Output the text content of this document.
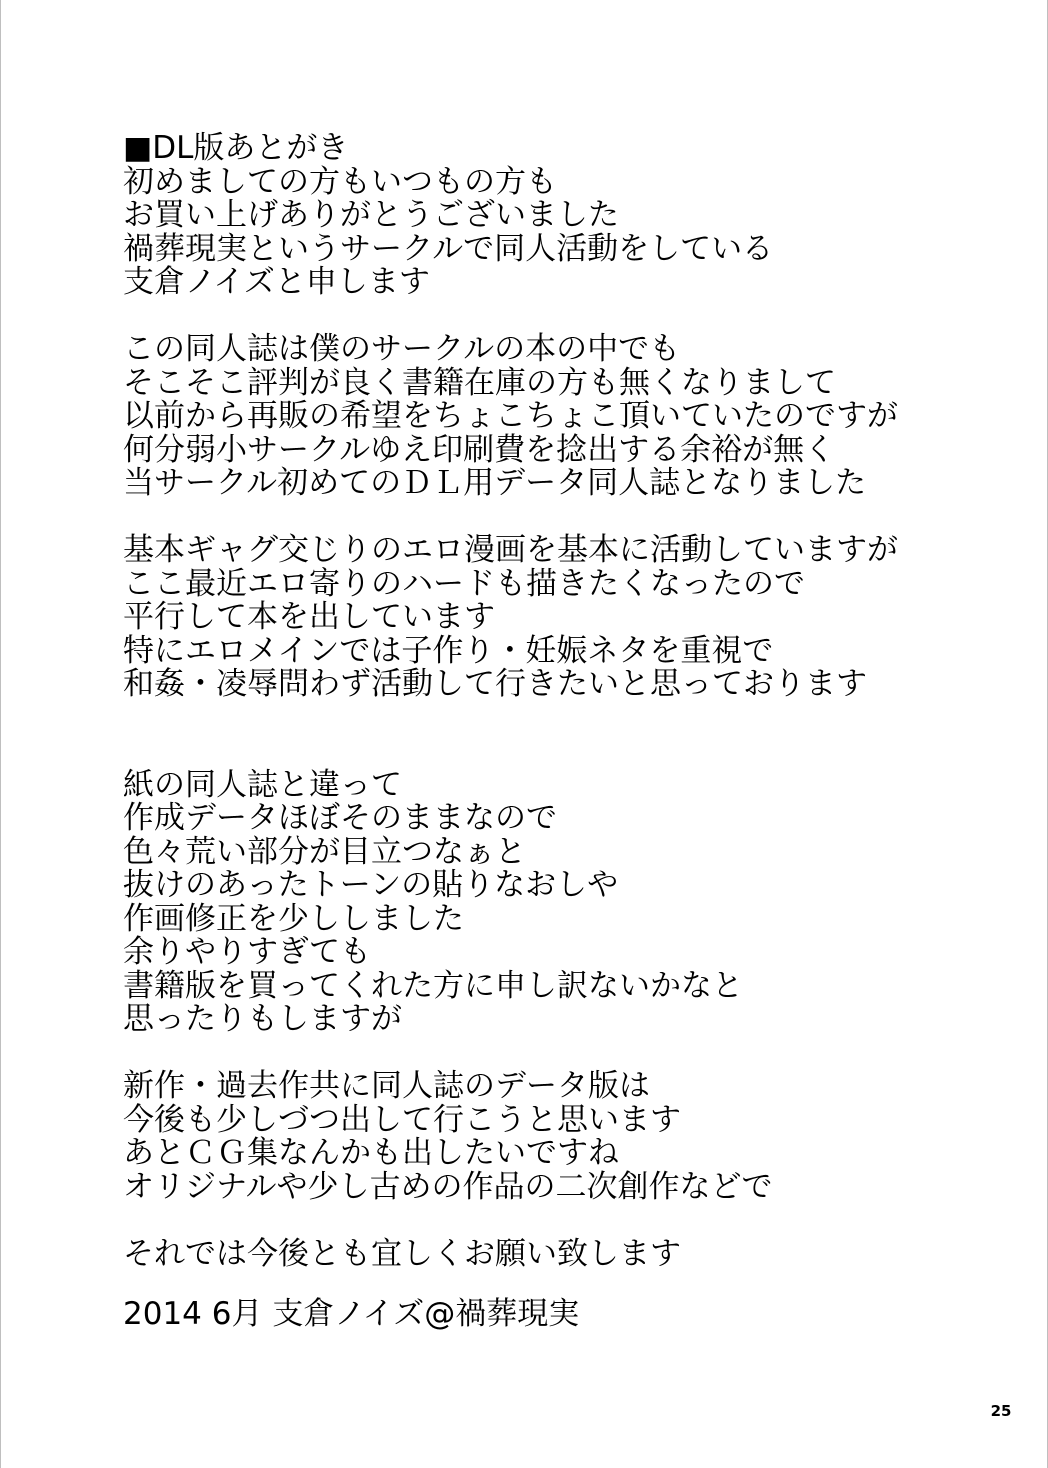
■DL版あとがき
初めましての方もいつもの方も
お買い上げありがとうございました
禍葬現実というサークルで同人活動をしている
支倉ノイズと申します
この同人誌は僕のサークルの本の中でも
そこそこ評判が良く書籍在庫の方も無くなりまして
以前から再販の希望をちょこちょこ頂いていたのですが
何分弱小サークルゆえ印刷費を捻出する余裕が無く
当サークル初めてのＤＬ用データ同人誌となりました
基本ギャグ交じりのエロ漫画を基本に活動していますが
ここ最近エロ寄りのハードも描きたくなったので
平行して本を出しています
特にエロメインでは子作り・妊娠ネタを重視で
和姦・凌辱問わず活動して行きたいと思っております
紙の同人誌と違って
作成データほぼそのままなので
色々荒い部分が目立つなぁと
抜けのあったトーンの貼りなおしや
作画修正を少ししました
余りやりすぎても
書籍版を買ってくれた方に申し訳ないかなと
思ったりもしますが
新作・過去作共に同人誌のデータ版は
今後も少しづつ出して行こうと思います
あとＣＧ集なんかも出したいですね
オリジナルや少し古めの作品の二次創作などで
それでは今後とも宜しくお願い致します
2014 6月 支倉ノイズ@禍葬現実
25
